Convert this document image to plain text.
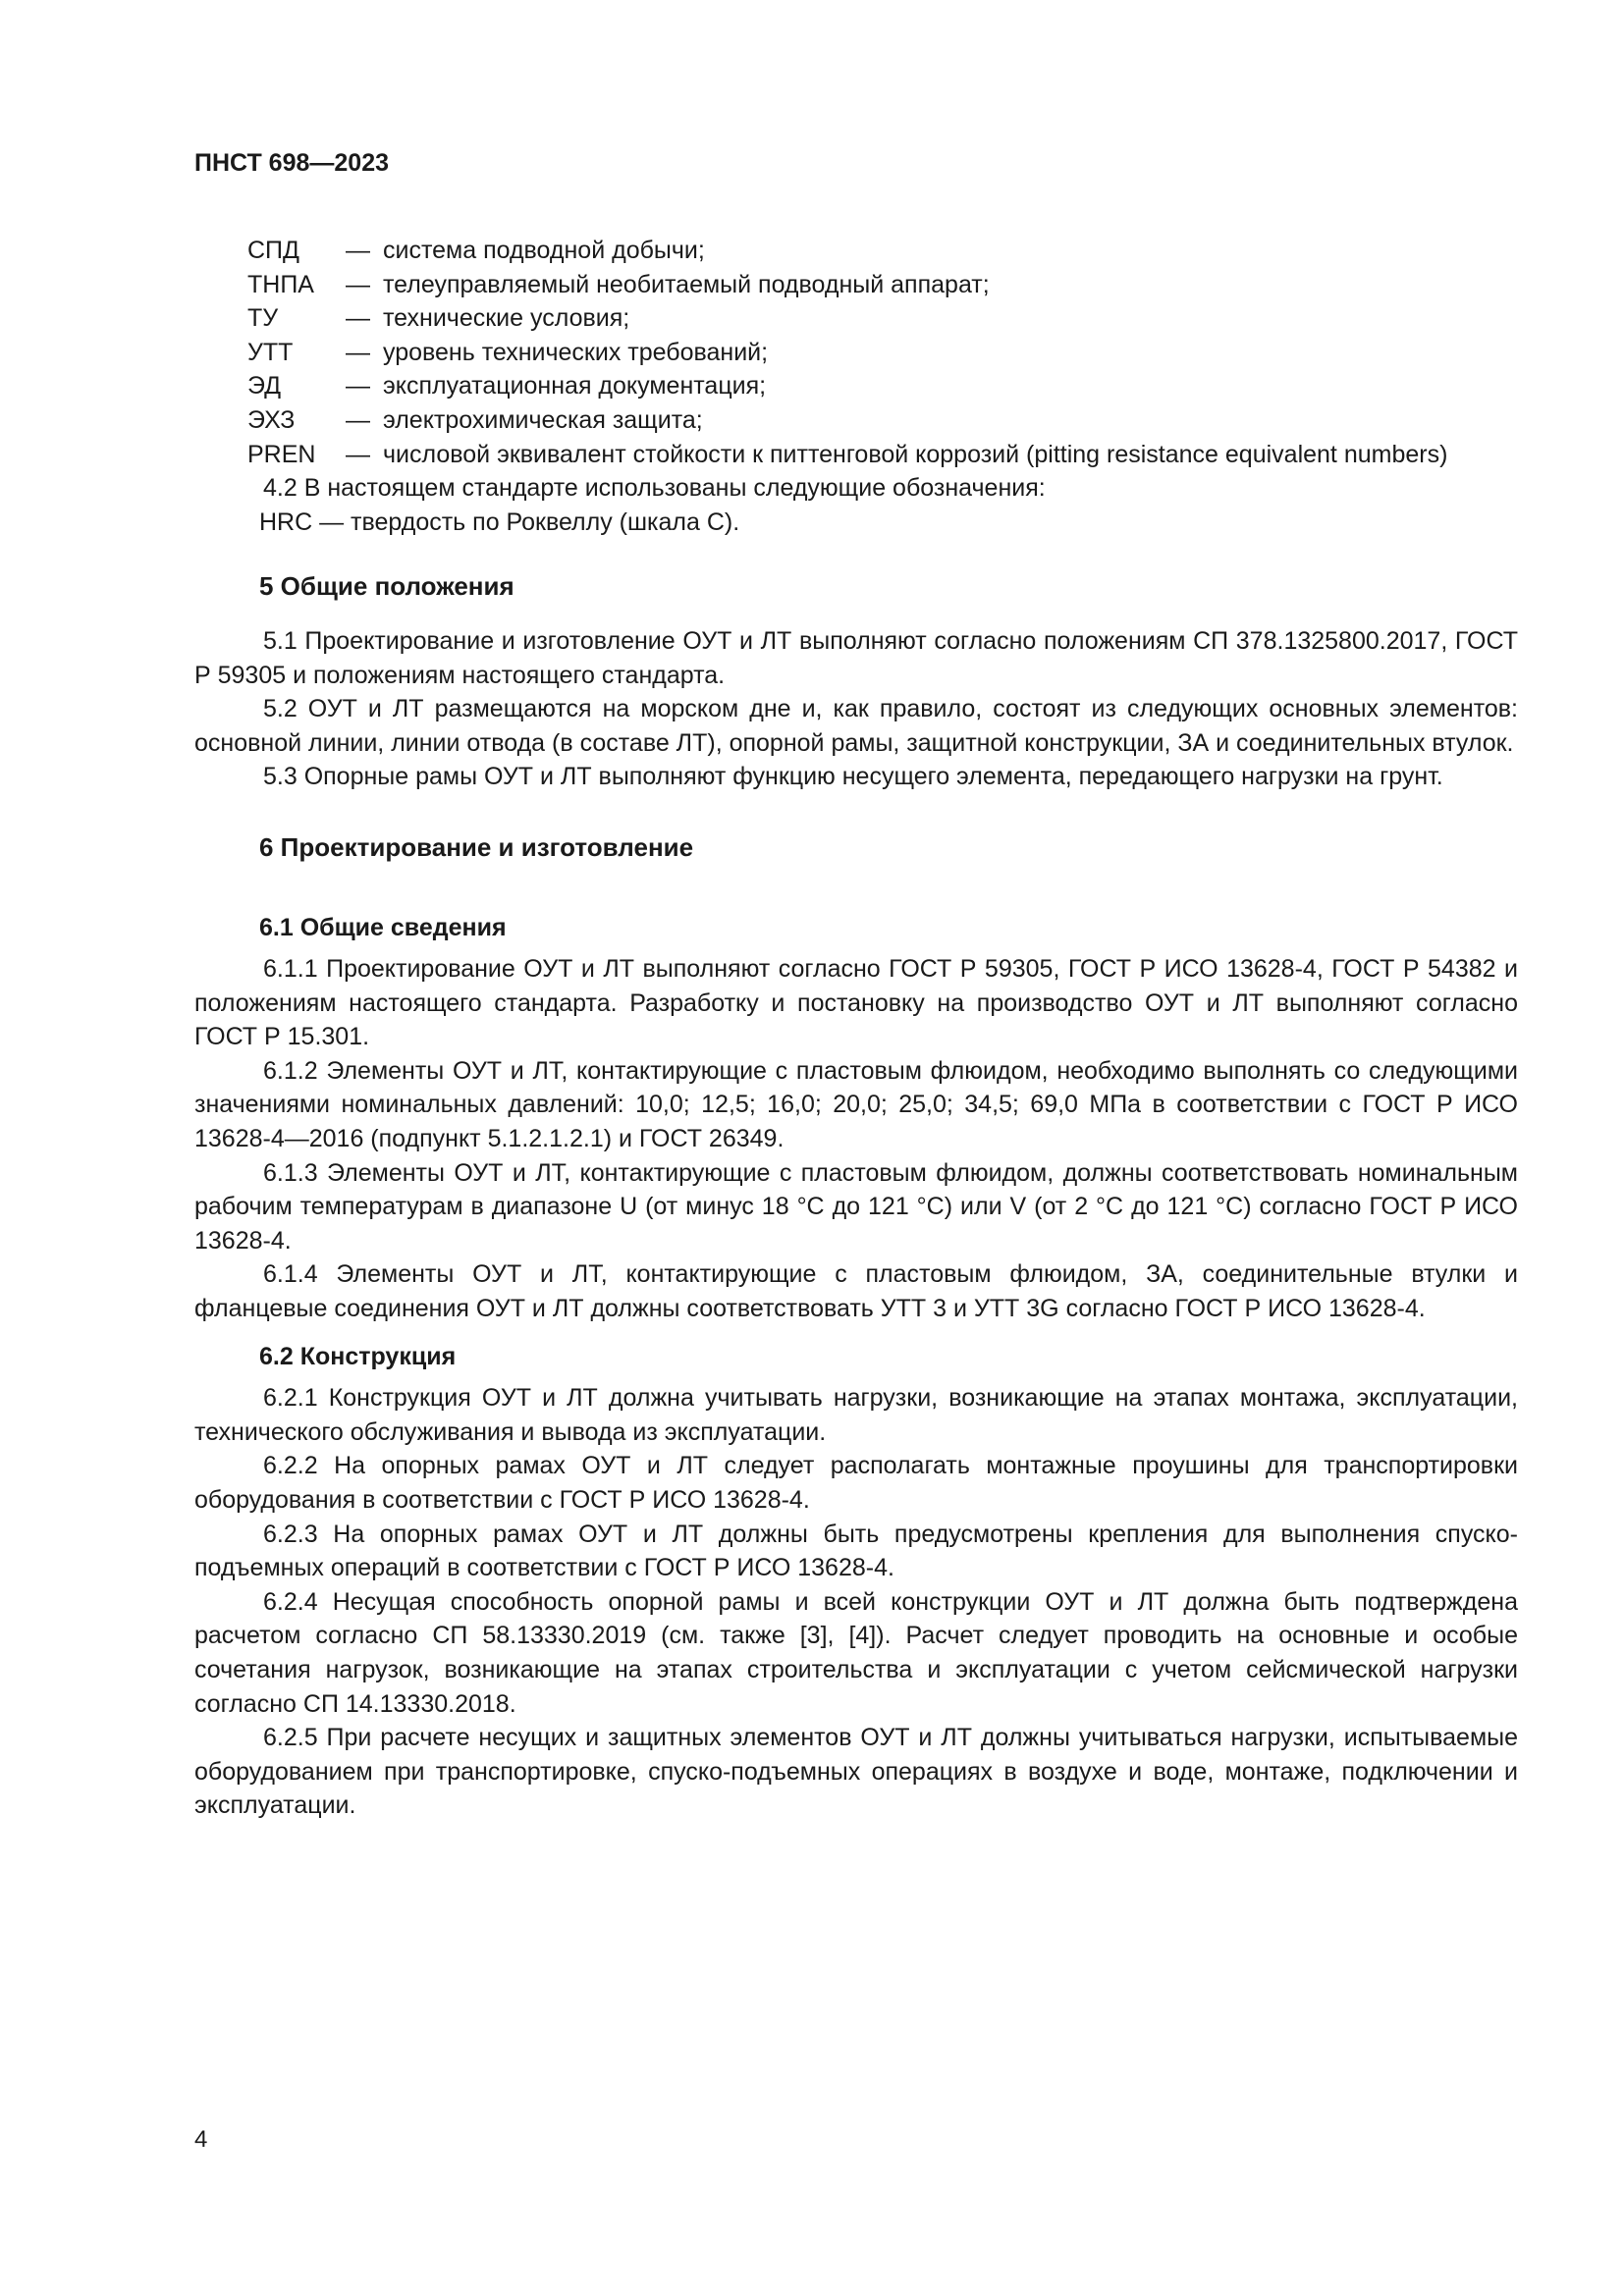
ПНСТ 698—2023
СПД	— система подводной добычи;
ТНПА	— телеуправляемый необитаемый подводный аппарат;
ТУ	— технические условия;
УТТ	— уровень технических требований;
ЭД	— эксплуатационная документация;
ЭХЗ	— электрохимическая защита;
PREN	— числовой эквивалент стойкости к питтенговой коррозий (pitting resistance equivalent numbers)

4.2 В настоящем стандарте использованы следующие обозначения:

HRC — твердость по Роквеллу (шкала С).

5 Общие положения

5.1 Проектирование и изготовление ОУТ и ЛТ выполняют согласно положениям СП 378.1325800.2017, ГОСТ Р 59305 и положениям настоящего стандарта.

5.2 ОУТ и ЛТ размещаются на морском дне и, как правило, состоят из следующих основных элементов: основной линии, линии отвода (в составе ЛТ), опорной рамы, защитной конструкции, ЗА и соединительных втулок.

5.3 Опорные рамы ОУТ и ЛТ выполняют функцию несущего элемента, передающего нагрузки на грунт.

6 Проектирование и изготовление

6.1 Общие сведения

6.1.1 Проектирование ОУТ и ЛТ выполняют согласно ГОСТ Р 59305, ГОСТ Р ИСО 13628-4, ГОСТ Р 54382 и положениям настоящего стандарта. Разработку и постановку на производство ОУТ и ЛТ выполняют согласно ГОСТ Р 15.301.

6.1.2 Элементы ОУТ и ЛТ, контактирующие с пластовым флюидом, необходимо выполнять со следующими значениями номинальных давлений: 10,0; 12,5; 16,0; 20,0; 25,0; 34,5; 69,0 МПа в соответствии с ГОСТ Р ИСО 13628-4—2016 (подпункт 5.1.2.1.2.1) и ГОСТ 26349.

6.1.3 Элементы ОУТ и ЛТ, контактирующие с пластовым флюидом, должны соответствовать номинальным рабочим температурам в диапазоне U (от минус 18 °С до 121 °С) или V (от 2 °С до 121 °С) согласно ГОСТ Р ИСО 13628-4.

6.1.4 Элементы ОУТ и ЛТ, контактирующие с пластовым флюидом, ЗА, соединительные втулки и фланцевые соединения ОУТ и ЛТ должны соответствовать УТТ 3 и УТТ 3G согласно ГОСТ Р ИСО 13628-4.

6.2 Конструкция

6.2.1 Конструкция ОУТ и ЛТ должна учитывать нагрузки, возникающие на этапах монтажа, эксплуатации, технического обслуживания и вывода из эксплуатации.

6.2.2 На опорных рамах ОУТ и ЛТ следует располагать монтажные проушины для транспортировки оборудования в соответствии с ГОСТ Р ИСО 13628-4.

6.2.3 На опорных рамах ОУТ и ЛТ должны быть предусмотрены крепления для выполнения спуско-подъемных операций в соответствии с ГОСТ Р ИСО 13628-4.

6.2.4 Несущая способность опорной рамы и всей конструкции ОУТ и ЛТ должна быть подтверждена расчетом согласно СП 58.13330.2019 (см. также [3], [4]). Расчет следует проводить на основные и особые сочетания нагрузок, возникающие на этапах строительства и эксплуатации с учетом сейсмической нагрузки согласно СП 14.13330.2018.

6.2.5 При расчете несущих и защитных элементов ОУТ и ЛТ должны учитываться нагрузки, испытываемые оборудованием при транспортировке, спуско-подъемных операциях в воздухе и воде, монтаже, подключении и эксплуатации.

4
